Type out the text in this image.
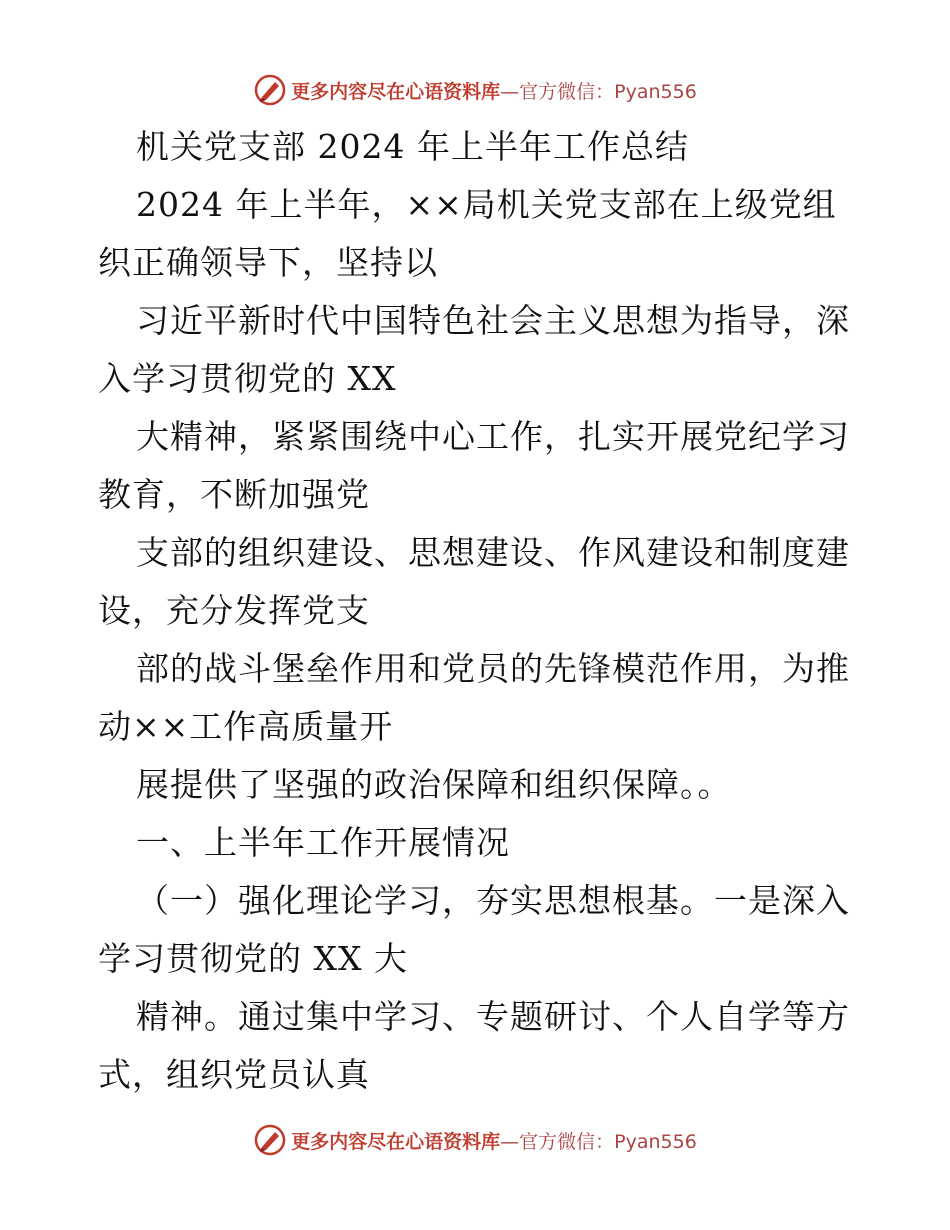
更多内容尽在心语资料库—官方微信：Pyan556
机关党支部 2024 年上半年工作总结
2024 年上半年，××局机关党支部在上级党组
织正确领导下，坚持以
习近平新时代中国特色社会主义思想为指导，深
入学习贯彻党的 XX
大精神，紧紧围绕中心工作，扎实开展党纪学习
教育，不断加强党
支部的组织建设、思想建设、作风建设和制度建
设，充分发挥党支
部的战斗堡垒作用和党员的先锋模范作用，为推
动××工作高质量开
展提供了坚强的政治保障和组织保障。。
一、上半年工作开展情况
（一）强化理论学习，夯实思想根基。一是深入
学习贯彻党的 XX 大
精神。通过集中学习、专题研讨、个人自学等方
式，组织党员认真
更多内容尽在心语资料库—官方微信：Pyan556
